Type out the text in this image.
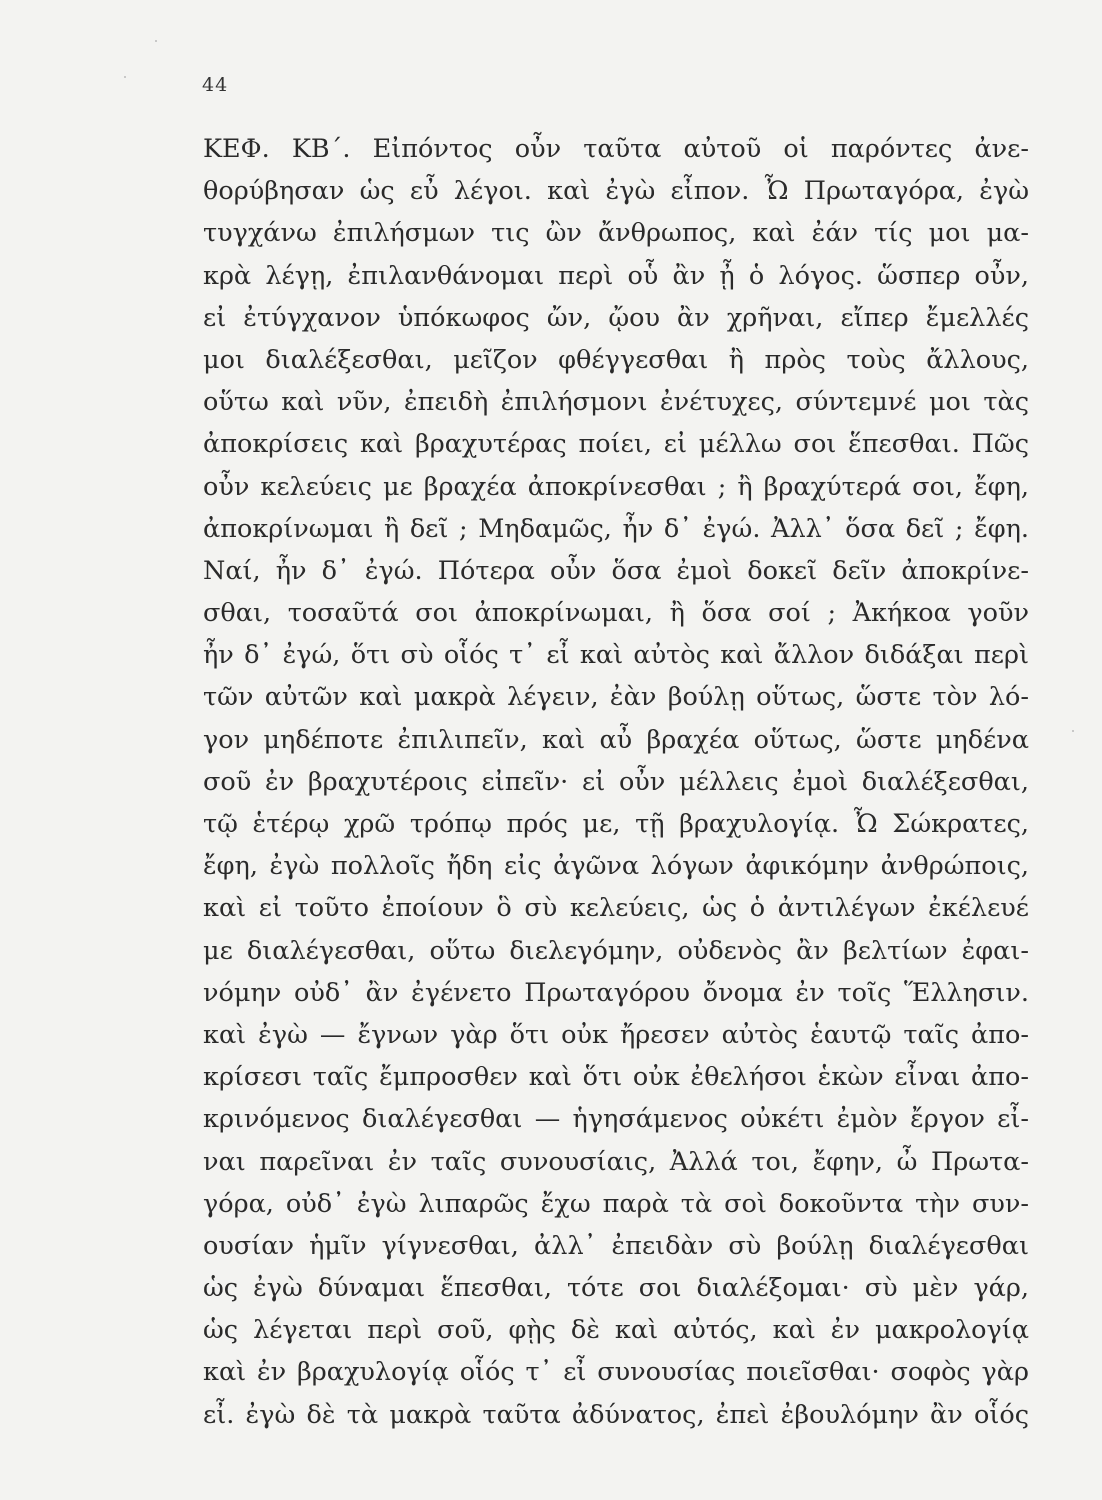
44
ΚΕΦ. ΚΒ΄. Εἰπόντος οὖν ταῦτα αὐτοῦ οἱ παρόντες ἀνε-
θορύβησαν ὡς εὖ λέγοι. καὶ ἐγὼ εἶπον. Ὦ Πρωταγόρα, ἐγὼ
τυγχάνω ἐπιλήσμων τις ὢν ἄνθρωπος, καὶ ἐάν τίς μοι μα-
κρὰ λέγῃ, ἐπιλανθάνομαι περὶ οὗ ἂν ᾖ ὁ λόγος. ὥσπερ οὖν,
εἰ ἐτύγχανον ὑπόκωφος ὤν, ᾤου ἂν χρῆναι, εἴπερ ἔμελλές
μοι διαλέξεσθαι, μεῖζον φθέγγεσθαι ἢ πρὸς τοὺς ἄλλους,
οὕτω καὶ νῦν, ἐπειδὴ ἐπιλήσμονι ἐνέτυχες, σύντεμνέ μοι τὰς
ἀποκρίσεις καὶ βραχυτέρας ποίει, εἰ μέλλω σοι ἕπεσθαι. Πῶς
οὖν κελεύεις με βραχέα ἀποκρίνεσθαι ; ἢ βραχύτερά σοι, ἔφη,
ἀποκρίνωμαι ἢ δεῖ ; Μηδαμῶς, ἦν δ᾽ ἐγώ. Ἀλλ᾽ ὅσα δεῖ ; ἔφη.
Ναί, ἦν δ᾽ ἐγώ. Πότερα οὖν ὅσα ἐμοὶ δοκεῖ δεῖν ἀποκρίνε-
σθαι, τοσαῦτά σοι ἀποκρίνωμαι, ἢ ὅσα σοί ; Ἀκήκοα γοῦν
ἦν δ᾽ ἐγώ, ὅτι σὺ οἷός τ᾽ εἶ καὶ αὐτὸς καὶ ἄλλον διδάξαι περὶ
τῶν αὐτῶν καὶ μακρὰ λέγειν, ἐὰν βούλῃ οὕτως, ὥστε τὸν λό-
γον μηδέποτε ἐπιλιπεῖν, καὶ αὖ βραχέα οὕτως, ὥστε μηδένα
σοῦ ἐν βραχυτέροις εἰπεῖν· εἰ οὖν μέλλεις ἐμοὶ διαλέξεσθαι,
τῷ ἑτέρῳ χρῶ τρόπῳ πρός με, τῇ βραχυλογίᾳ. Ὦ Σώκρατες,
ἔφη, ἐγὼ πολλοῖς ἤδη εἰς ἀγῶνα λόγων ἀφικόμην ἀνθρώποις,
καὶ εἰ τοῦτο ἐποίουν ὃ σὺ κελεύεις, ὡς ὁ ἀντιλέγων ἐκέλευέ
με διαλέγεσθαι, οὕτω διελεγόμην, οὐδενὸς ἂν βελτίων ἐφαι-
νόμην οὐδ᾽ ἂν ἐγένετο Πρωταγόρου ὄνομα ἐν τοῖς Ἕλλησιν.
καὶ ἐγὼ — ἔγνων γὰρ ὅτι οὐκ ἤρεσεν αὐτὸς ἑαυτῷ ταῖς ἀπο-
κρίσεσι ταῖς ἔμπροσθεν καὶ ὅτι οὐκ ἐθελήσοι ἑκὼν εἶναι ἀπο-
κρινόμενος διαλέγεσθαι — ἡγησάμενος οὐκέτι ἐμὸν ἔργον εἶ-
ναι παρεῖναι ἐν ταῖς συνουσίαις, Ἀλλά τοι, ἔφην, ὦ Πρωτα-
γόρα, οὐδ᾽ ἐγὼ λιπαρῶς ἔχω παρὰ τὰ σοὶ δοκοῦντα τὴν συν-
ουσίαν ἡμῖν γίγνεσθαι, ἀλλ᾽ ἐπειδὰν σὺ βούλῃ διαλέγεσθαι
ὡς ἐγὼ δύναμαι ἕπεσθαι, τότε σοι διαλέξομαι· σὺ μὲν γάρ,
ὡς λέγεται περὶ σοῦ, φῂς δὲ καὶ αὐτός, καὶ ἐν μακρολογίᾳ
καὶ ἐν βραχυλογίᾳ οἷός τ᾽ εἶ συνουσίας ποιεῖσθαι· σοφὸς γὰρ
εἶ. ἐγὼ δὲ τὰ μακρὰ ταῦτα ἀδύνατος, ἐπεὶ ἐβουλόμην ἂν οἷός
